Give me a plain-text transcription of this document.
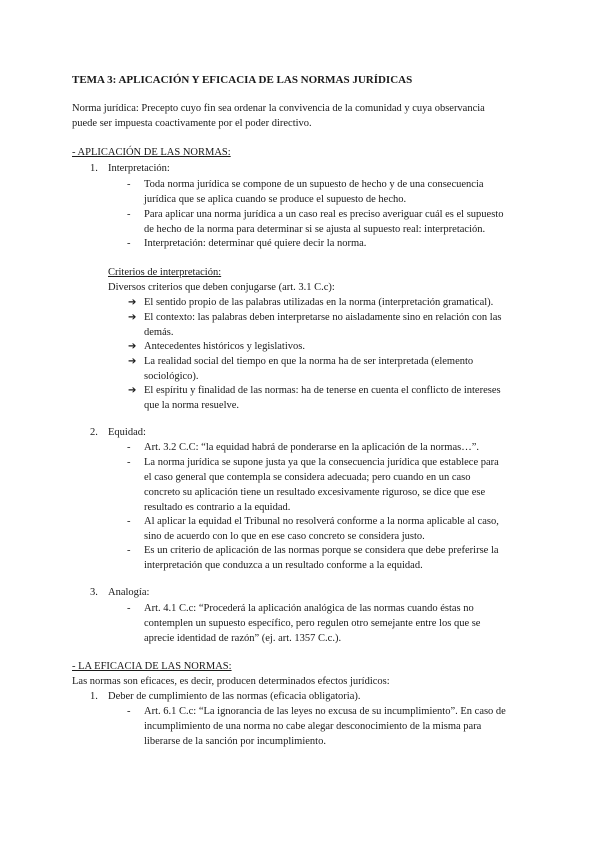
TEMA 3: APLICACIÓN Y EFICACIA DE LAS NORMAS JURÍDICAS
Norma jurídica: Precepto cuyo fin sea ordenar la convivencia de la comunidad y cuya observancia
puede ser impuesta coactivamente por el poder directivo.
- APLICACIÓN DE LAS NORMAS:
1. Interpretación:
- Toda norma jurídica se compone de un supuesto de hecho y de una consecuencia
jurídica que se aplica cuando se produce el supuesto de hecho.
- Para aplicar una norma jurídica a un caso real es preciso averiguar cuál es el supuesto
de hecho de la norma para determinar si se ajusta al supuesto real: interpretación.
- Interpretación: determinar qué quiere decir la norma.
Criterios de interpretación:
Diversos criterios que deben conjugarse (art. 3.1 C.c):
➔ El sentido propio de las palabras utilizadas en la norma (interpretación gramatical).
➔ El contexto: las palabras deben interpretarse no aisladamente sino en relación con las
demás.
➔ Antecedentes históricos y legislativos.
➔ La realidad social del tiempo en que la norma ha de ser interpretada (elemento
sociológico).
➔ El espíritu y finalidad de las normas: ha de tenerse en cuenta el conflicto de intereses
que la norma resuelve.
2. Equidad:
- Art. 3.2 C.C: “la equidad habrá de ponderarse en la aplicación de la normas…”.
- La norma jurídica se supone justa ya que la consecuencia jurídica que establece para
el caso general que contempla se considera adecuada; pero cuando en un caso
concreto su aplicación tiene un resultado excesivamente riguroso, se dice que ese
resultado es contrario a la equidad.
- Al aplicar la equidad el Tribunal no resolverá conforme a la norma aplicable al caso,
sino de acuerdo con lo que en ese caso concreto se considera justo.
- Es un criterio de aplicación de las normas porque se considera que debe preferirse la
interpretación que conduzca a un resultado conforme a la equidad.
3. Analogía:
- Art. 4.1 C.c: “Procederá la aplicación analógica de las normas cuando éstas no
contemplen un supuesto específico, pero regulen otro semejante entre los que se
aprecie identidad de razón” (ej. art. 1357 C.c.).
- LA EFICACIA DE LAS NORMAS:
Las normas son eficaces, es decir, producen determinados efectos jurídicos:
1. Deber de cumplimiento de las normas (eficacia obligatoria).
- Art. 6.1 C.c: “La ignorancia de las leyes no excusa de su incumplimiento”. En caso de
incumplimiento de una norma no cabe alegar desconocimiento de la misma para
liberarse de la sanción por incumplimiento.
